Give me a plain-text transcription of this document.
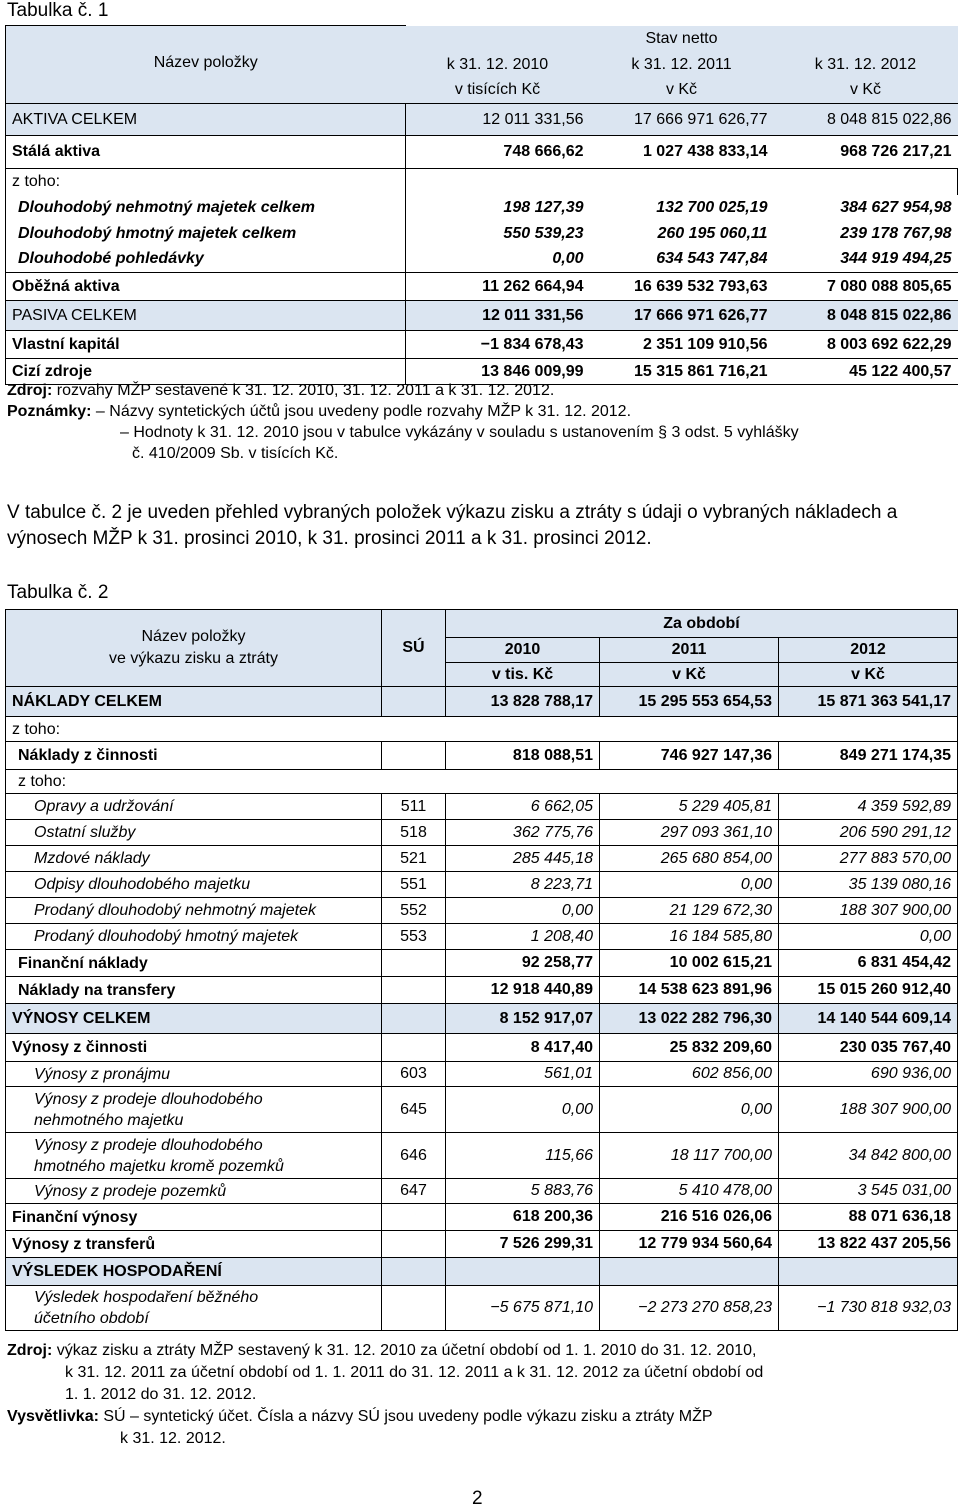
Tabulka č. 1
Název položky	Stav netto		
	k 31. 12. 2010	k 31. 12. 2011	k 31. 12. 2012
	v tisících Kč	v Kč	v Kč
AKTIVA CELKEM	12 011 331,56	17 666 971 626,77	8 048 815 022,86
Stálá aktiva	748 666,62	1 027 438 833,14	968 726 217,21
z toho:			
Dlouhodobý nehmotný majetek celkem	198 127,39	132 700 025,19	384 627 954,98
Dlouhodobý hmotný majetek celkem	550 539,23	260 195 060,11	239 178 767,98
Dlouhodobé pohledávky	0,00	634 543 747,84	344 919 494,25
Oběžná aktiva	11 262 664,94	16 639 532 793,63	7 080 088 805,65
PASIVA CELKEM	12 011 331,56	17 666 971 626,77	8 048 815 022,86
Vlastní kapitál	−1 834 678,43	2 351 109 910,56	8 003 692 622,29
Cizí zdroje	13 846 009,99	15 315 861 716,21	45 122 400,57
Zdroj: rozvahy MŽP sestavené k 31. 12. 2010, 31. 12. 2011 a k 31. 12. 2012.
Poznámky: – Názvy syntetických účtů jsou uvedeny podle rozvahy MŽP k 31. 12. 2012.
– Hodnoty k 31. 12. 2010 jsou v tabulce vykázány v souladu s ustanovením § 3 odst. 5 vyhlášky
č. 410/2009 Sb. v tisících Kč.
V tabulce č. 2 je uveden přehled vybraných položek výkazu zisku a ztráty s údaji o vybraných nákladech a výnosech MŽP k 31. prosinci 2010, k 31. prosinci 2011 a k 31. prosinci 2012.
Tabulka č. 2
Název položky
ve výkazu zisku a ztráty	SÚ	Za období		
		2010	2011	2012
		v tis. Kč	v Kč	v Kč

NÁKLADY CELKEM		13 828 788,17	15 295 553 654,53	15 871 363 541,17

z toho:				

Náklady z činnosti		818 088,51	746 927 147,36	849 271 174,35

z toho:				

Opravy a udržování	511	6 662,05	5 229 405,81	4 359 592,89

Ostatní služby	518	362 775,76	297 093 361,10	206 590 291,12

Mzdové náklady	521	285 445,18	265 680 854,00	277 883 570,00

Odpisy dlouhodobého majetku	551	8 223,71	0,00	35 139 080,16

Prodaný dlouhodobý nehmotný majetek	552	0,00	21 129 672,30	188 307 900,00

Prodaný dlouhodobý hmotný majetek	553	1 208,40	16 184 585,80	0,00

Finanční náklady		92 258,77	10 002 615,21	6 831 454,42

Náklady na transfery		12 918 440,89	14 538 623 891,96	15 015 260 912,40

VÝNOSY CELKEM		8 152 917,07	13 022 282 796,30	14 140 544 609,14

Výnosy z činnosti		8 417,40	25 832 209,60	230 035 767,40

Výnosy z pronájmu	603	561,01	602 856,00	690 936,00

Výnosy z prodeje dlouhodobého
nehmotného majetku	645	0,00	0,00	188 307 900,00

Výnosy z prodeje dlouhodobého
hmotného majetku kromě pozemků	646	115,66	18 117 700,00	34 842 800,00

Výnosy z prodeje pozemků	647	5 883,76	5 410 478,00	3 545 031,00

Finanční výnosy		618 200,36	216 516 026,06	88 071 636,18

Výnosy z transferů		7 526 299,31	12 779 934 560,64	13 822 437 205,56

VÝSLEDEK HOSPODAŘENÍ				

Výsledek hospodaření běžného
účetního období		−5 675 871,10	−2 273 270 858,23	−1 730 818 932,03
Zdroj: výkaz zisku a ztráty MŽP sestavený k 31. 12. 2010 za účetní období od 1. 1. 2010 do 31. 12. 2010,
k 31. 12. 2011 za účetní období od 1. 1. 2011 do 31. 12. 2011 a k 31. 12. 2012 za účetní období od
1. 1. 2012 do 31. 12. 2012.
Vysvětlivka: SÚ – syntetický účet. Čísla a názvy SÚ jsou uvedeny podle výkazu zisku a ztráty MŽP
k 31. 12. 2012.
2
